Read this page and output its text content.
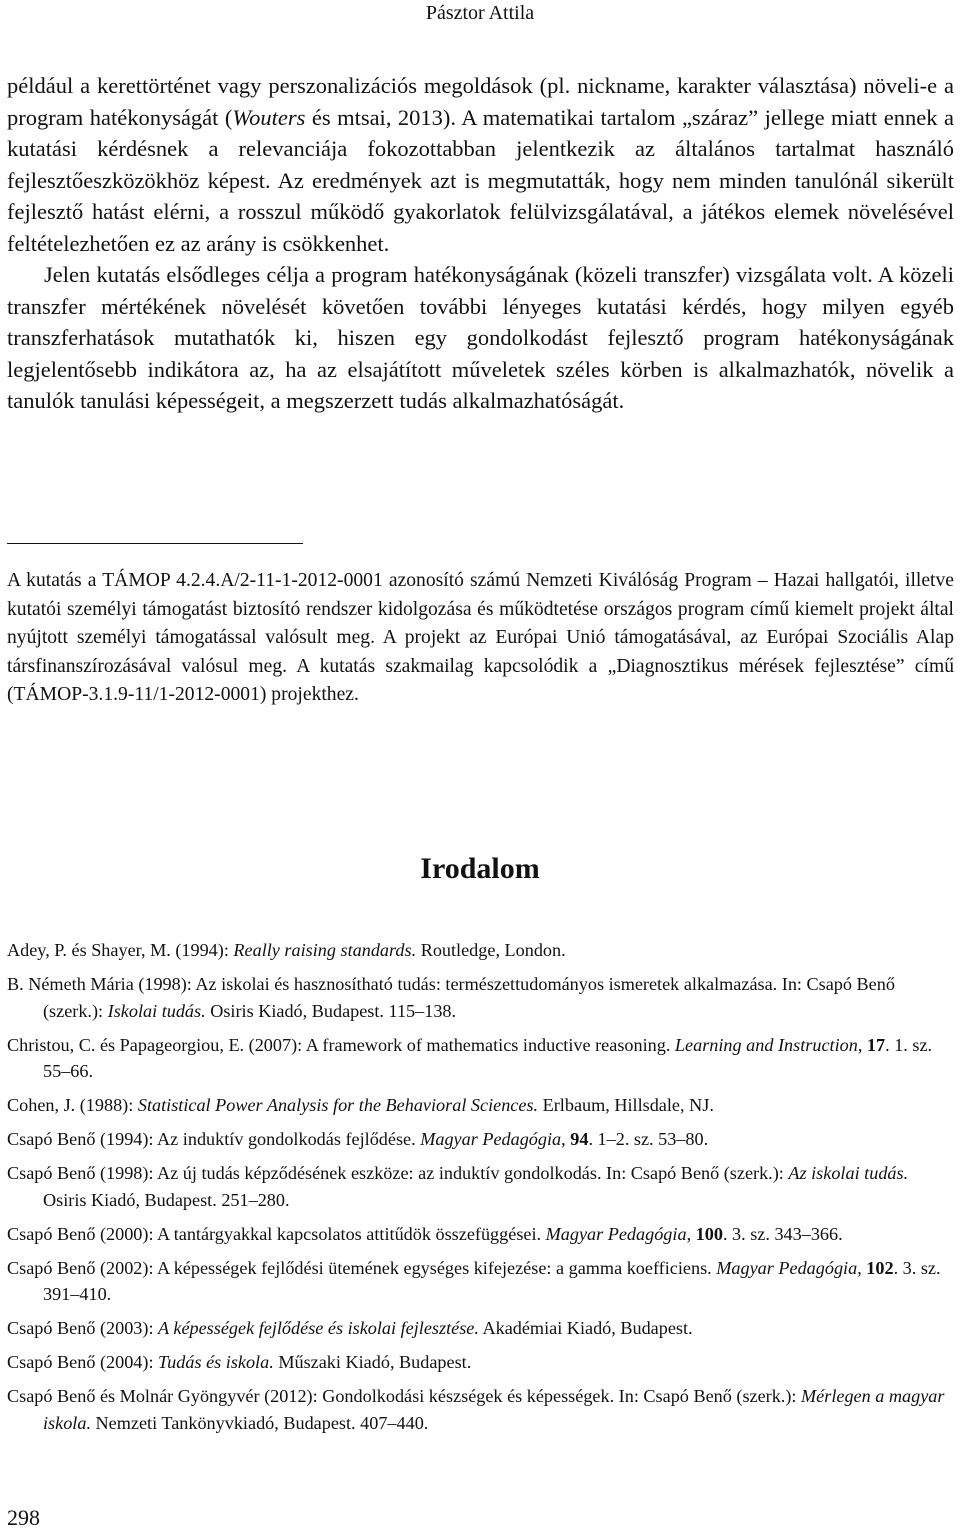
Pásztor Attila

például a kerettörténet vagy perszonalizációs megoldások (pl. nickname, karakter választása) növeli-e a program hatékonyságát (Wouters és mtsai, 2013). A matematikai tartalom „száraz” jellege miatt ennek a kutatási kérdésnek a relevanciája fokozottabban jelentkezik az általános tartalmat használó fejlesztőeszközökhöz képest. Az eredmények azt is megmutatták, hogy nem minden tanulónál sikerült fejlesztő hatást elérni, a rosszul működő gyakorlatok felülvizsgálatával, a játékos elemek növelésével feltételezhetően ez az arány is csökkenhet.

Jelen kutatás elsődleges célja a program hatékonyságának (közeli transzfer) vizsgálata volt. A közeli transzfer mértékének növelését követően további lényeges kutatási kérdés, hogy milyen egyéb transzferhatások mutathatók ki, hiszen egy gondolkodást fejlesztő program hatékonyságának legjelentősebb indikátora az, ha az elsajátított műveletek széles körben is alkalmazhatók, növelik a tanulók tanulási képességeit, a megszerzett tudás alkalmazhatóságát.

A kutatás a TÁMOP 4.2.4.A/2-11-1-2012-0001 azonosító számú Nemzeti Kiválóság Program – Hazai hallgatói, illetve kutatói személyi támogatást biztosító rendszer kidolgozása és működtetése országos program című kiemelt projekt által nyújtott személyi támogatással valósult meg. A projekt az Európai Unió támogatásával, az Európai Szociális Alap társfinanszírozásával valósul meg. A kutatás szakmailag kapcsolódik a „Diagnosztikus mérések fejlesztése” című (TÁMOP-3.1.9-11/1-2012-0001) projekthez.

Irodalom
Adey, P. és Shayer, M. (1994): Really raising standards. Routledge, London.
B. Németh Mária (1998): Az iskolai és hasznosítható tudás: természettudományos ismeretek alkalmazása. In: Csapó Benő (szerk.): Iskolai tudás. Osiris Kiadó, Budapest. 115–138.
Christou, C. és Papageorgiou, E. (2007): A framework of mathematics inductive reasoning. Learning and Instruction, 17. 1. sz. 55–66.
Cohen, J. (1988): Statistical Power Analysis for the Behavioral Sciences. Erlbaum, Hillsdale, NJ.
Csapó Benő (1994): Az induktív gondolkodás fejlődése. Magyar Pedagógia, 94. 1–2. sz. 53–80.
Csapó Benő (1998): Az új tudás képződésének eszköze: az induktív gondolkodás. In: Csapó Benő (szerk.): Az iskolai tudás. Osiris Kiadó, Budapest. 251–280.
Csapó Benő (2000): A tantárgyakkal kapcsolatos attitűdök összefüggései. Magyar Pedagógia, 100. 3. sz. 343–366.
Csapó Benő (2002): A képességek fejlődési ütemének egységes kifejezése: a gamma koefficiens. Magyar Pedagógia, 102. 3. sz. 391–410.
Csapó Benő (2003): A képességek fejlődése és iskolai fejlesztése. Akadémiai Kiadó, Budapest.
Csapó Benő (2004): Tudás és iskola. Műszaki Kiadó, Budapest.
Csapó Benő és Molnár Gyöngyvér (2012): Gondolkodási készségek és képességek. In: Csapó Benő (szerk.): Mérlegen a magyar iskola. Nemzeti Tankönyvkiadó, Budapest. 407–440.
298
